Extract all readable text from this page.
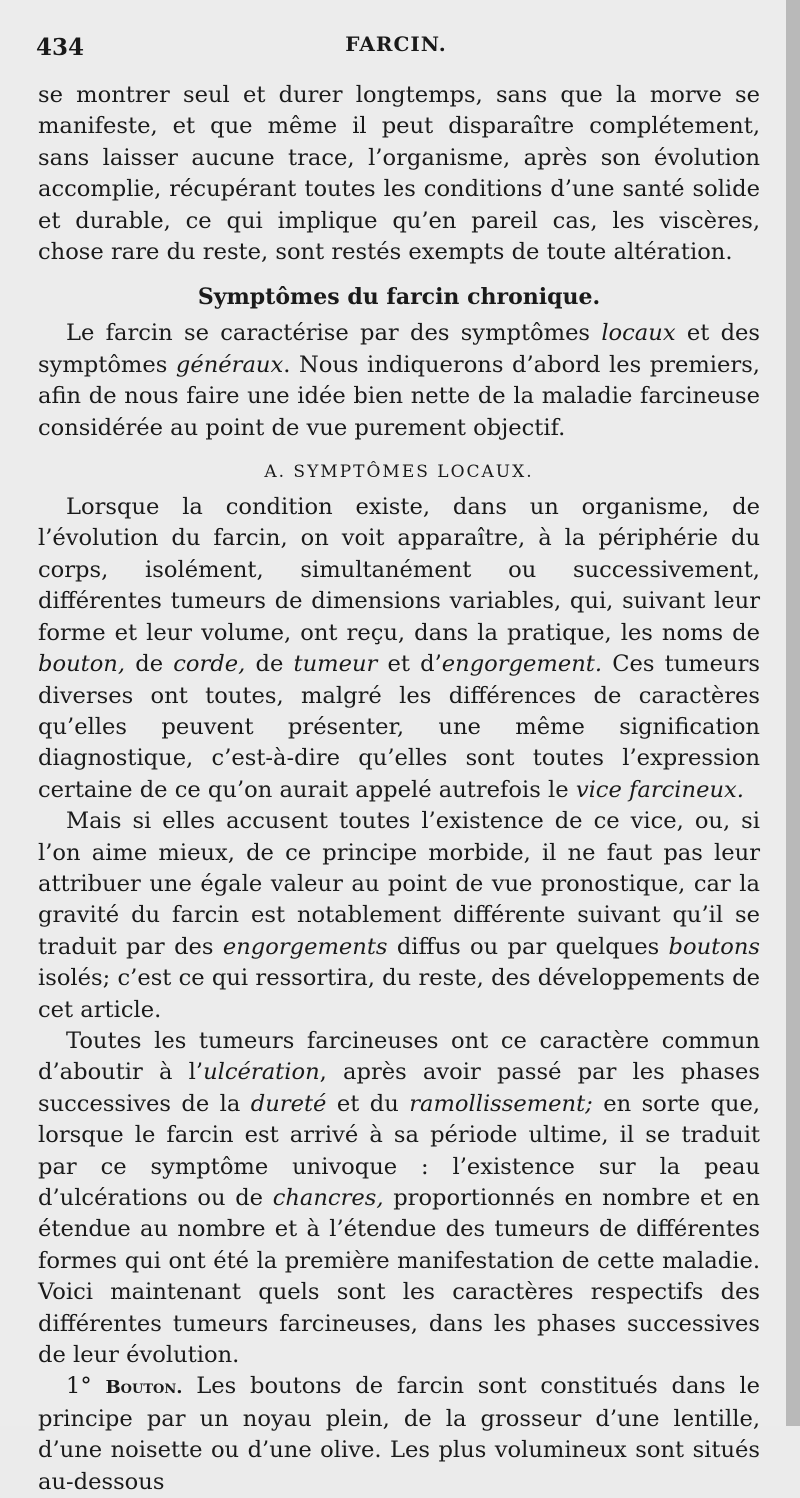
434	FARCIN.

se montrer seul et durer longtemps, sans que la morve se manifeste, et que même il peut disparaître complétement, sans laisser aucune trace, l’organisme, après son évolution accomplie, récupérant toutes les conditions d’une santé solide et durable, ce qui implique qu’en pareil cas, les viscères, chose rare du reste, sont restés exempts de toute altération.

Symptômes du farcin chronique.

Le farcin se caractérise par des symptômes locaux et des symptômes généraux. Nous indiquerons d’abord les premiers, afin de nous faire une idée bien nette de la maladie farcineuse considérée au point de vue purement objectif.

A. SYMPTÔMES LOCAUX.

Lorsque la condition existe, dans un organisme, de l’évolution du farcin, on voit apparaître, à la périphérie du corps, isolément, simultanément ou successivement, différentes tumeurs de dimensions variables, qui, suivant leur forme et leur volume, ont reçu, dans la pratique, les noms de bouton, de corde, de tumeur et d’engorgement. Ces tumeurs diverses ont toutes, malgré les différences de caractères qu’elles peuvent présenter, une même signification diagnostique, c’est-à-dire qu’elles sont toutes l’expression certaine de ce qu’on aurait appelé autrefois le vice farcineux.

Mais si elles accusent toutes l’existence de ce vice, ou, si l’on aime mieux, de ce principe morbide, il ne faut pas leur attribuer une égale valeur au point de vue pronostique, car la gravité du farcin est notablement différente suivant qu’il se traduit par des engorgements diffus ou par quelques boutons isolés; c’est ce qui ressortira, du reste, des développements de cet article.

Toutes les tumeurs farcineuses ont ce caractère commun d’aboutir à l’ulcération, après avoir passé par les phases successives de la dureté et du ramollissement; en sorte que, lorsque le farcin est arrivé à sa période ultime, il se traduit par ce symptôme univoque : l’existence sur la peau d’ulcérations ou de chancres, proportionnés en nombre et en étendue au nombre et à l’étendue des tumeurs de différentes formes qui ont été la première manifestation de cette maladie. Voici maintenant quels sont les caractères respectifs des différentes tumeurs farcineuses, dans les phases successives de leur évolution.

1° Bouton. Les boutons de farcin sont constitués dans le principe par un noyau plein, de la grosseur d’une lentille, d’une noisette ou d’une olive. Les plus volumineux sont situés au-dessous
